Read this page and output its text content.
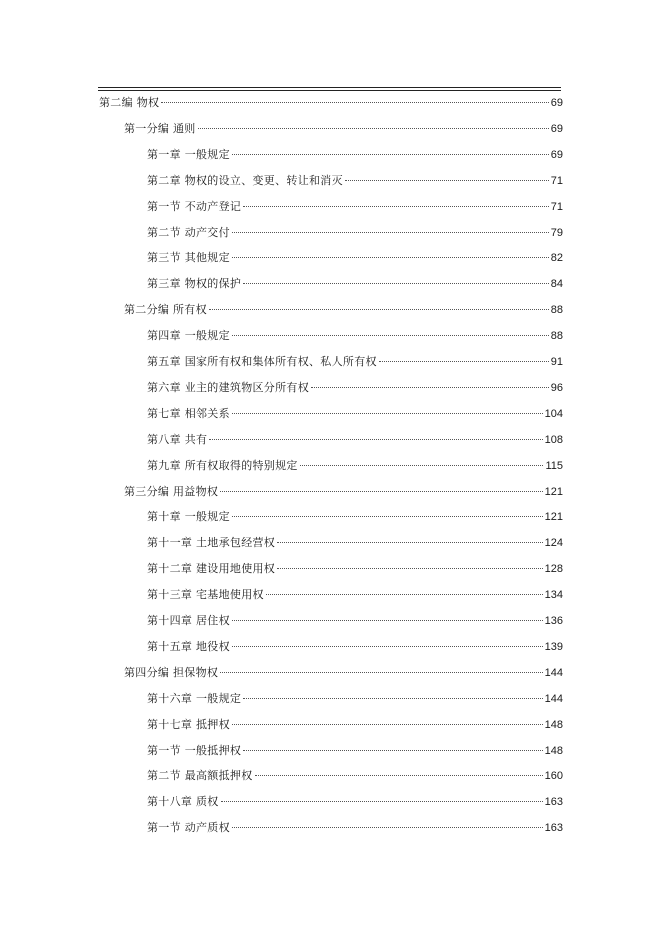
第二编 物权	69
第一分编 通则	69
第一章 一般规定	69
第二章 物权的设立、变更、转让和消灭	71
第一节 不动产登记	71
第二节 动产交付	79
第三节 其他规定	82
第三章 物权的保护	84
第二分编 所有权	88
第四章 一般规定	88
第五章 国家所有权和集体所有权、私人所有权	91
第六章 业主的建筑物区分所有权	96
第七章 相邻关系	104
第八章 共有	108
第九章 所有权取得的特别规定	115
第三分编 用益物权	121
第十章 一般规定	121
第十一章 土地承包经营权	124
第十二章 建设用地使用权	128
第十三章 宅基地使用权	134
第十四章 居住权	136
第十五章 地役权	139
第四分编 担保物权	144
第十六章 一般规定	144
第十七章 抵押权	148
第一节 一般抵押权	148
第二节 最高额抵押权	160
第十八章 质权	163
第一节 动产质权	163
